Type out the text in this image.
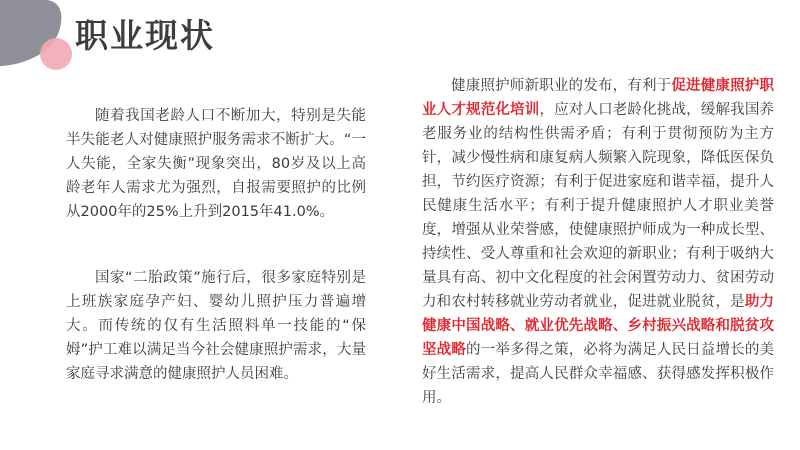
职业现状

随着我国老龄人口不断加大，特别是失能半失能老人对健康照护服务需求不断扩大。“一人失能，全家失衡”现象突出，80岁及以上高龄老年人需求尤为强烈，自报需要照护的比例从2000年的25%上升到2015年41.0%。

国家“二胎政策”施行后，很多家庭特别是上班族家庭孕产妇、婴幼儿照护压力普遍增大。而传统的仅有生活照料单一技能的“保姆”护工难以满足当今社会健康照护需求，大量家庭寻求满意的健康照护人员困难。

健康照护师新职业的发布，有利于促进健康照护职业人才规范化培训，应对人口老龄化挑战，缓解我国养老服务业的结构性供需矛盾；有利于贯彻预防为主方针，减少慢性病和康复病人频繁入院现象，降低医保负担，节约医疗资源；有利于促进家庭和谐幸福，提升人民健康生活水平；有利于提升健康照护人才职业美誉度，增强从业荣誉感，使健康照护师成为一种成长型、持续性、受人尊重和社会欢迎的新职业；有利于吸纳大量具有高、初中文化程度的社会闲置劳动力、贫困劳动力和农村转移就业劳动者就业，促进就业脱贫，是助力健康中国战略、就业优先战略、乡村振兴战略和脱贫攻坚战略的一举多得之策，必将为满足人民日益增长的美好生活需求，提高人民群众幸福感、获得感发挥积极作用。
